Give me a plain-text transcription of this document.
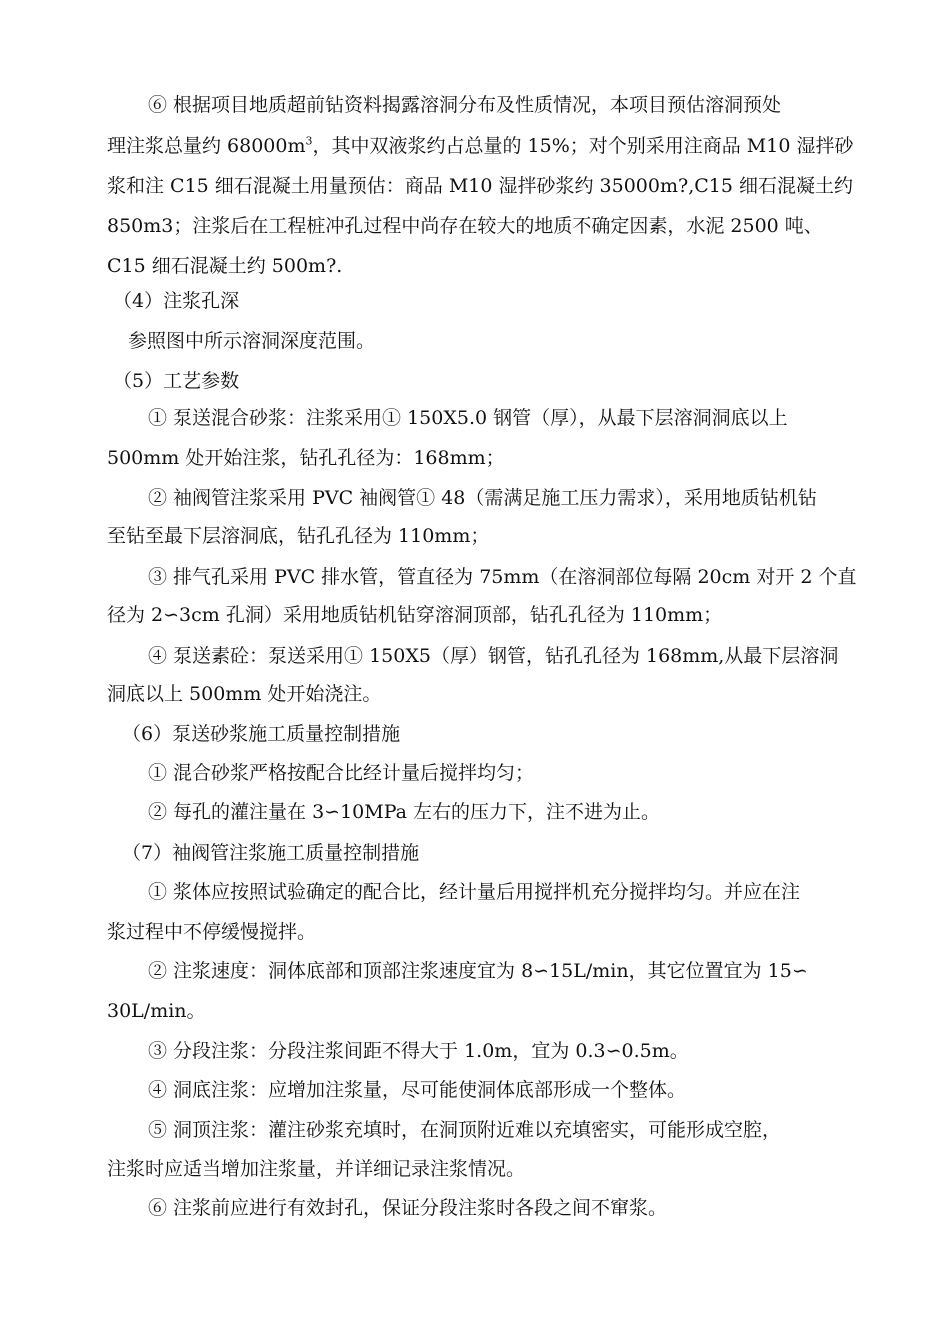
⑥ 根据项目地质超前钻资料揭露溶洞分布及性质情况，本项目预估溶洞预处

理注浆总量约 $68000m^3$，其中双液浆约占总量的 15%；对个别采用注商品 M10 湿拌砂

浆和注 C15 细石混凝土用量预估：商品 M10 湿拌砂浆约 35000m?,C15 细石混凝土约

850m3；注浆后在工程桩冲孔过程中尚存在较大的地质不确定因素，水泥 2500 吨、

C15 细石混凝土约 500m?.

（4）注浆孔深

参照图中所示溶洞深度范围。

（5）工艺参数

① 泵送混合砂浆：注浆采用① 150X5.0 钢管（厚），从最下层溶洞洞底以上

500mm 处开始注浆，钻孔孔径为：168mm；

② 袖阀管注浆采用 PVC 袖阀管① 48（需满足施工压力需求），采用地质钻机钻

至钻至最下层溶洞底，钻孔孔径为 110mm；

③ 排气孔采用 PVC 排水管，管直径为 75mm（在溶洞部位每隔 20cm 对开 2 个直

径为 2∽3cm 孔洞）采用地质钻机钻穿溶洞顶部，钻孔孔径为 110mm；

④ 泵送素砼：泵送采用① 150X5（厚）钢管，钻孔孔径为 168mm,从最下层溶洞

洞底以上 500mm 处开始浇注。

（6）泵送砂浆施工质量控制措施

① 混合砂浆严格按配合比经计量后搅拌均匀；

② 每孔的灌注量在 3∽10MPa 左右的压力下，注不进为止。

（7）袖阀管注浆施工质量控制措施

① 浆体应按照试验确定的配合比，经计量后用搅拌机充分搅拌均匀。并应在注

浆过程中不停缓慢搅拌。

② 注浆速度：洞体底部和顶部注浆速度宜为 8∽15L/min，其它位置宜为 15∽

30L/min。

③ 分段注浆：分段注浆间距不得大于 1.0m，宜为 0.3∽0.5m。

④ 洞底注浆：应增加注浆量，尽可能使洞体底部形成一个整体。

⑤ 洞顶注浆：灌注砂浆充填时，在洞顶附近难以充填密实，可能形成空腔，

注浆时应适当增加注浆量，并详细记录注浆情况。

⑥ 注浆前应进行有效封孔，保证分段注浆时各段之间不窜浆。
